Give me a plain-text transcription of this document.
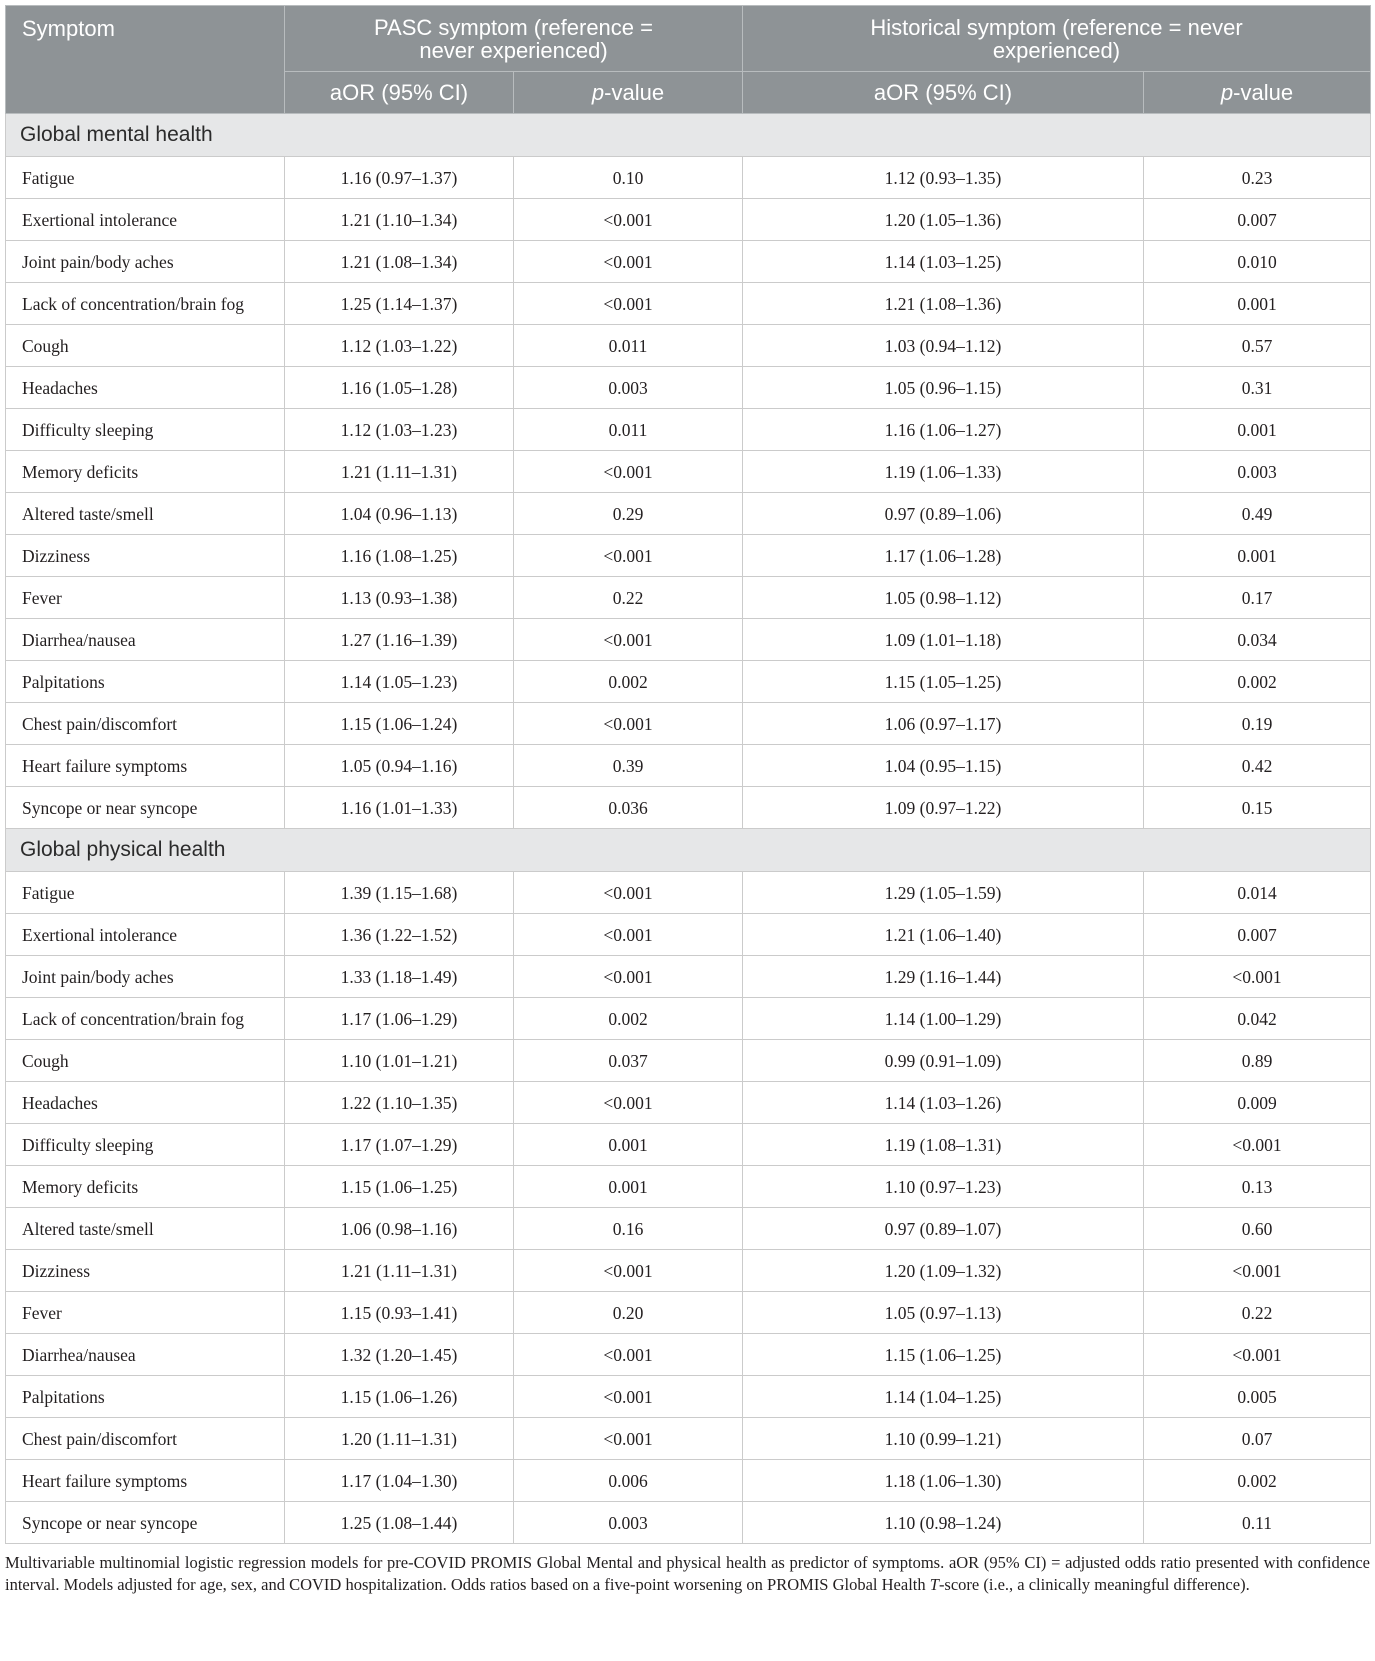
Symptom	PASC symptom (reference =
never experienced)		Historical symptom (reference = never
experienced)	

	aOR (95% CI)	p-value	aOR (95% CI)	p-value
Global mental health				
Fatigue	1.16 (0.97–1.37)	0.10	1.12 (0.93–1.35)	0.23
Exertional intolerance	1.21 (1.10–1.34)	<0.001	1.20 (1.05–1.36)	0.007
Joint pain/body aches	1.21 (1.08–1.34)	<0.001	1.14 (1.03–1.25)	0.010
Lack of concentration/brain fog	1.25 (1.14–1.37)	<0.001	1.21 (1.08–1.36)	0.001
Cough	1.12 (1.03–1.22)	0.011	1.03 (0.94–1.12)	0.57
Headaches	1.16 (1.05–1.28)	0.003	1.05 (0.96–1.15)	0.31
Difficulty sleeping	1.12 (1.03–1.23)	0.011	1.16 (1.06–1.27)	0.001
Memory deficits	1.21 (1.11–1.31)	<0.001	1.19 (1.06–1.33)	0.003
Altered taste/smell	1.04 (0.96–1.13)	0.29	0.97 (0.89–1.06)	0.49
Dizziness	1.16 (1.08–1.25)	<0.001	1.17 (1.06–1.28)	0.001
Fever	1.13 (0.93–1.38)	0.22	1.05 (0.98–1.12)	0.17
Diarrhea/nausea	1.27 (1.16–1.39)	<0.001	1.09 (1.01–1.18)	0.034
Palpitations	1.14 (1.05–1.23)	0.002	1.15 (1.05–1.25)	0.002
Chest pain/discomfort	1.15 (1.06–1.24)	<0.001	1.06 (0.97–1.17)	0.19
Heart failure symptoms	1.05 (0.94–1.16)	0.39	1.04 (0.95–1.15)	0.42
Syncope or near syncope	1.16 (1.01–1.33)	0.036	1.09 (0.97–1.22)	0.15
Global physical health				
Fatigue	1.39 (1.15–1.68)	<0.001	1.29 (1.05–1.59)	0.014
Exertional intolerance	1.36 (1.22–1.52)	<0.001	1.21 (1.06–1.40)	0.007
Joint pain/body aches	1.33 (1.18–1.49)	<0.001	1.29 (1.16–1.44)	<0.001
Lack of concentration/brain fog	1.17 (1.06–1.29)	0.002	1.14 (1.00–1.29)	0.042
Cough	1.10 (1.01–1.21)	0.037	0.99 (0.91–1.09)	0.89
Headaches	1.22 (1.10–1.35)	<0.001	1.14 (1.03–1.26)	0.009
Difficulty sleeping	1.17 (1.07–1.29)	0.001	1.19 (1.08–1.31)	<0.001
Memory deficits	1.15 (1.06–1.25)	0.001	1.10 (0.97–1.23)	0.13
Altered taste/smell	1.06 (0.98–1.16)	0.16	0.97 (0.89–1.07)	0.60
Dizziness	1.21 (1.11–1.31)	<0.001	1.20 (1.09–1.32)	<0.001
Fever	1.15 (0.93–1.41)	0.20	1.05 (0.97–1.13)	0.22
Diarrhea/nausea	1.32 (1.20–1.45)	<0.001	1.15 (1.06–1.25)	<0.001
Palpitations	1.15 (1.06–1.26)	<0.001	1.14 (1.04–1.25)	0.005
Chest pain/discomfort	1.20 (1.11–1.31)	<0.001	1.10 (0.99–1.21)	0.07
Heart failure symptoms	1.17 (1.04–1.30)	0.006	1.18 (1.06–1.30)	0.002
Syncope or near syncope	1.25 (1.08–1.44)	0.003	1.10 (0.98–1.24)	0.11

Multivariable multinomial logistic regression models for pre-COVID PROMIS Global Mental and physical health as predictor of symptoms. aOR (95% CI) = adjusted odds ratio presented with confidence interval. Models adjusted for age, sex, and COVID hospitalization. Odds ratios based on a five-point worsening on PROMIS Global Health T-score (i.e., a clinically meaningful difference).
